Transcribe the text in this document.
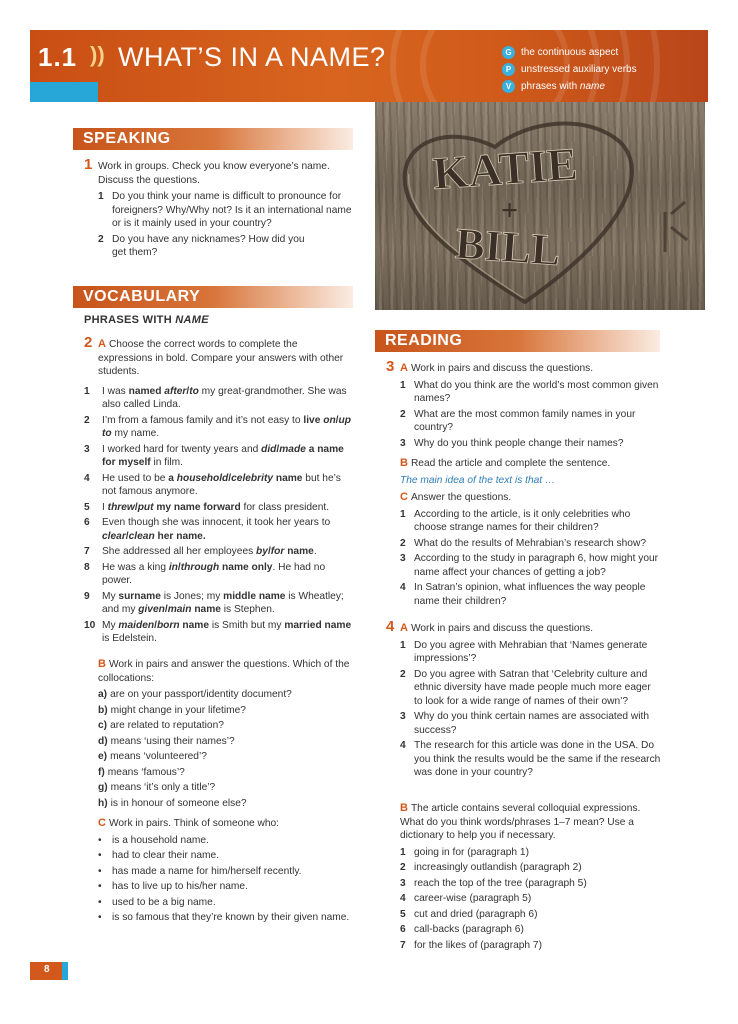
1.1 )) WHAT’S IN A NAME?	G the continuous aspect
P unstressed auxiliary verbs
V phrases with name
KATIE
+
BILL
SPEAKING
1 Work in groups. Check you know everyone’s name. Discuss the questions.
1 Do you think your name is difficult to pronounce for foreigners? Why/Why not? Is it an international name or is it mainly used in your country?
2 Do you have any nicknames? How did you get them?
VOCABULARY
PHRASES WITH NAME
2 A Choose the correct words to complete the expressions in bold. Compare your answers with other students.
1 I was named after/to my great-grandmother. She was also called Linda.
2 I’m from a famous family and it’s not easy to live on/up to my name.
3 I worked hard for twenty years and did/made a name for myself in film.
4 He used to be a household/celebrity name but he’s not famous anymore.
5 I threw/put my name forward for class president.
6 Even though she was innocent, it took her years to clear/clean her name.
7 She addressed all her employees by/for name.
8 He was a king in/through name only. He had no power.
9 My surname is Jones; my middle name is Wheatley; and my given/main name is Stephen.
10 My maiden/born name is Smith but my married name is Edelstein.
B Work in pairs and answer the questions. Which of the collocations:
a) are on your passport/identity document?
b) might change in your lifetime?
c) are related to reputation?
d) means ‘using their names’?
e) means ‘volunteered’?
f) means ‘famous’?
g) means ‘it’s only a title’?
h) is in honour of someone else?
C Work in pairs. Think of someone who:
• is a household name.
• had to clear their name.
• has made a name for him/herself recently.
• has to live up to his/her name.
• used to be a big name.
• is so famous that they’re known by their given name.
READING
3 A Work in pairs and discuss the questions.
1 What do you think are the world’s most common given names?
2 What are the most common family names in your country?
3 Why do you think people change their names?
B Read the article and complete the sentence.
The main idea of the text is that …
C Answer the questions.
1 According to the article, is it only celebrities who choose strange names for their children?
2 What do the results of Mehrabian’s research show?
3 According to the study in paragraph 6, how might your name affect your chances of getting a job?
4 In Satran’s opinion, what influences the way people name their children?
4 A Work in pairs and discuss the questions.
1 Do you agree with Mehrabian that ‘Names generate impressions’?
2 Do you agree with Satran that ‘Celebrity culture and ethnic diversity have made people much more eager to look for a wide range of names of their own’?
3 Why do you think certain names are associated with success?
4 The research for this article was done in the USA. Do you think the results would be the same if the research was done in your country?
B The article contains several colloquial expressions. What do you think words/phrases 1–7 mean? Use a dictionary to help you if necessary.
1 going in for (paragraph 1)
2 increasingly outlandish (paragraph 2)
3 reach the top of the tree (paragraph 5)
4 career-wise (paragraph 5)
5 cut and dried (paragraph 6)
6 call-backs (paragraph 6)
7 for the likes of (paragraph 7)
8
